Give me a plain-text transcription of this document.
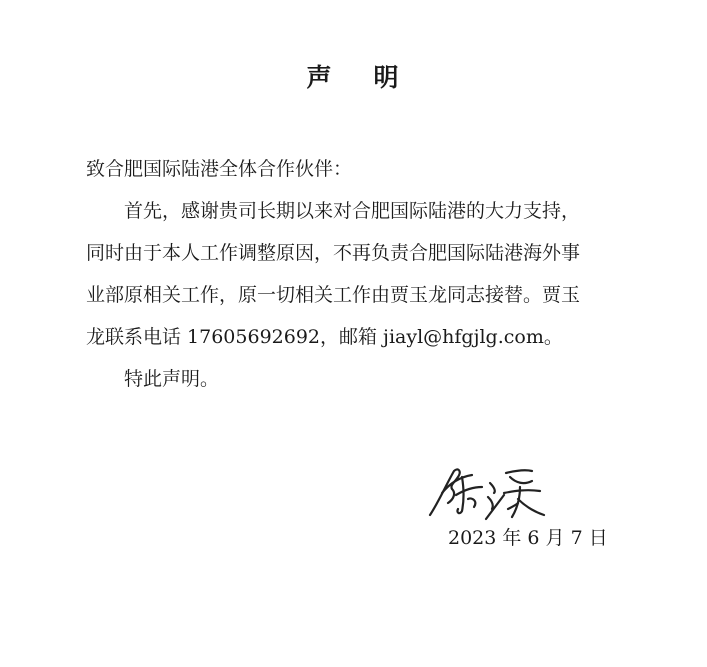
声 明
致合肥国际陆港全体合作伙伴：
首先，感谢贵司长期以来对合肥国际陆港的大力支持，
同时由于本人工作调整原因，不再负责合肥国际陆港海外事
业部原相关工作，原一切相关工作由贾玉龙同志接替。贾玉
龙联系电话 17605692692，邮箱 jiayl@hfgjlg.com。
特此声明。
2023 年 6 月 7 日
